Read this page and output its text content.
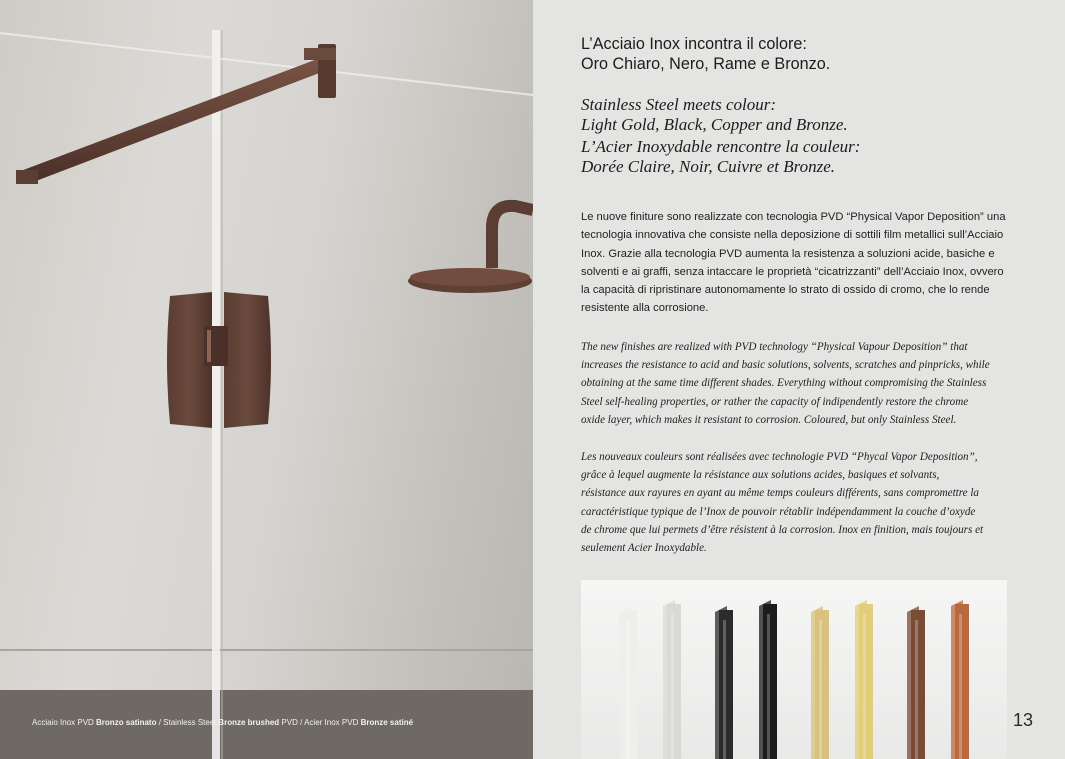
Acciaio Inox PVD Bronzo satinato / Stainless Steel Bronze brushed PVD / Acier Inox PVD Bronze satiné

L’Acciaio Inox incontra il colore:
Oro Chiaro, Nero, Rame e Bronzo.

Stainless Steel meets colour:
Light Gold, Black, Copper and Bronze.

L’Acier Inoxydable rencontre la couleur:
Dorée Claire, Noir, Cuivre et Bronze.

Le nuove finiture sono realizzate con tecnologia PVD “Physical Vapor Deposition” una
tecnologia innovativa che consiste nella deposizione di sottili film metallici sull’Acciaio
Inox. Grazie alla tecnologia PVD aumenta la resistenza a soluzioni acide, basiche e
solventi e ai graffi, senza intaccare le proprietà “cicatrizzanti” dell’Acciaio Inox, ovvero
la capacità di ripristinare autonomamente lo strato di ossido di cromo, che lo rende
resistente alla corrosione.

The new finishes are realized with PVD technology “Physical Vapour Deposition” that
increases the resistance to acid and basic solutions, solvents, scratches and pinpricks, while
obtaining at the same time different shades. Everything without compromising the Stainless
Steel self-healing properties, or rather the capacity of indipendently restore the chrome
oxide layer, which makes it resistant to corrosion. Coloured, but only Stainless Steel.

Les nouveaux couleurs sont réalisées avec technologie PVD “Phycal Vapor Deposition”,
grâce à lequel augmente la résistance aux solutions acides, basiques et solvants,
résistance aux rayures en ayant au même temps couleurs différents, sans compromettre la
caractéristique typique de l’Inox de pouvoir rétablir indépendamment la couche d’oxyde
de chrome que lui permets d’être résistent à la corrosion. Inox en finition, mais toujours et
seulement Acier Inoxydable.

13
